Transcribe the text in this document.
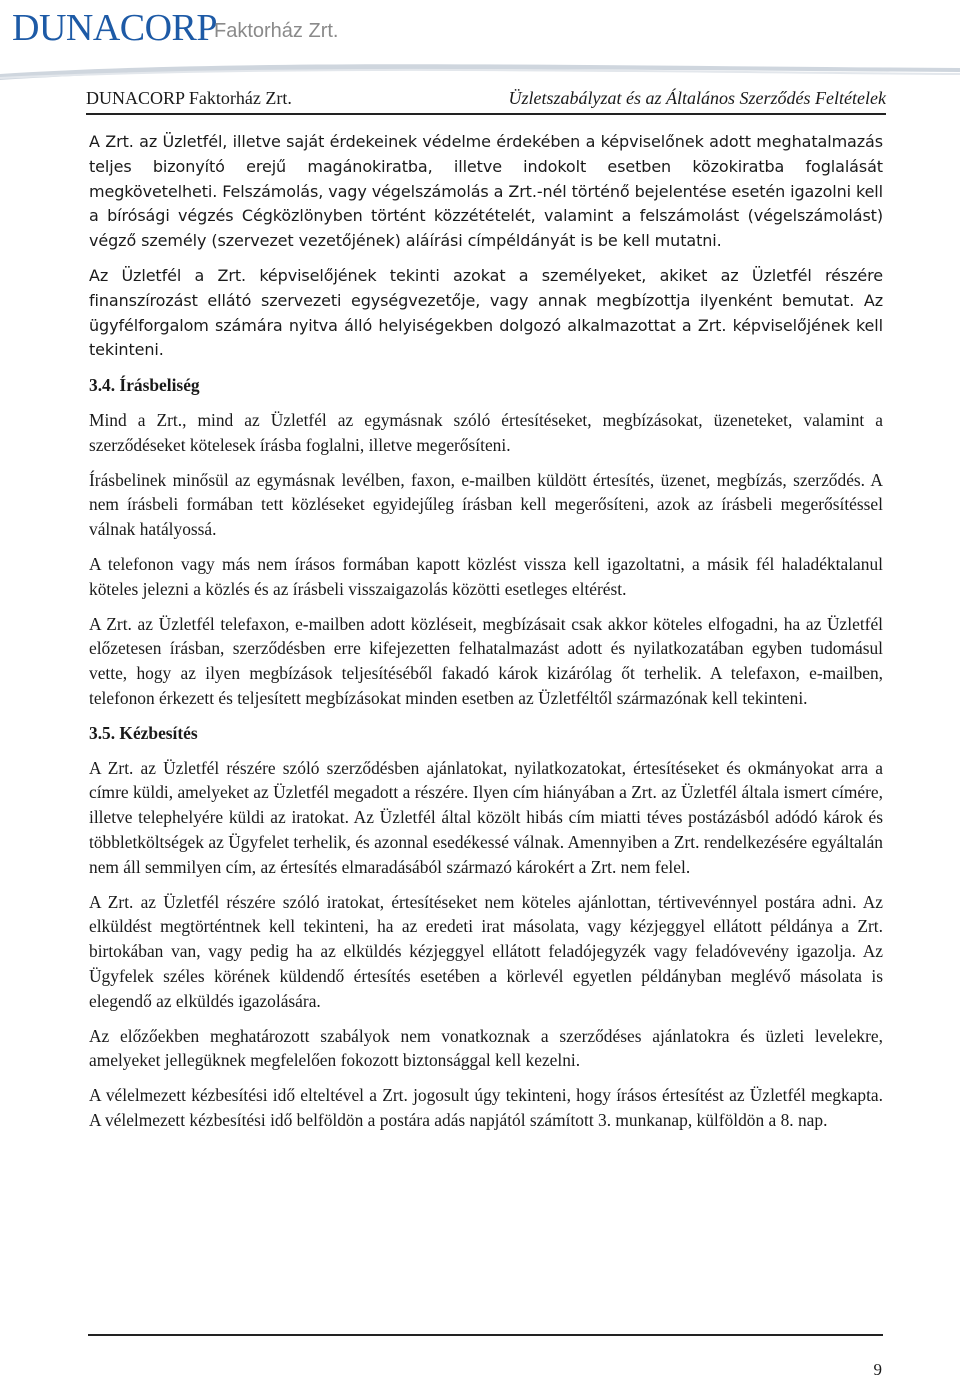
DUNACORP
Faktorház Zrt.
DUNACORP Faktorház Zrt.	Üzletszabályzat és az Általános Szerződés Feltételek

A Zrt. az Üzletfél, illetve saját érdekeinek védelme érdekében a képviselőnek adott meghatalmazás teljes bizonyító erejű magánokiratba, illetve indokolt esetben közokiratba foglalását megkövetelheti. Felszámolás, vagy végelszámolás a Zrt.-nél történő bejelentése esetén igazolni kell a bírósági végzés Cégközlönyben történt közzétételét, valamint a felszámolást (végelszámolást) végző személy (szervezet vezetőjének) aláírási címpéldányát is be kell mutatni.

Az Üzletfél a Zrt. képviselőjének tekinti azokat a személyeket, akiket az Üzletfél részére finanszírozást ellátó szervezeti egységvezetője, vagy annak megbízottja ilyenként bemutat. Az ügyfélforgalom számára nyitva álló helyiségekben dolgozó alkalmazottat a Zrt. képviselőjének kell tekinteni.

3.4. Írásbeliség

Mind a Zrt., mind az Üzletfél az egymásnak szóló értesítéseket, megbízásokat, üzeneteket, valamint a szerződéseket kötelesek írásba foglalni, illetve megerősíteni.

Írásbelinek minősül az egymásnak levélben, faxon, e-mailben küldött értesítés, üzenet, megbízás, szerződés. A nem írásbeli formában tett közléseket egyidejűleg írásban kell megerősíteni, azok az írásbeli megerősítéssel válnak hatályossá.

A telefonon vagy más nem írásos formában kapott közlést vissza kell igazoltatni, a másik fél haladéktalanul köteles jelezni a közlés és az írásbeli visszaigazolás közötti esetleges eltérést.

A Zrt. az Üzletfél telefaxon, e-mailben adott közléseit, megbízásait csak akkor köteles elfogadni, ha az Üzletfél előzetesen írásban, szerződésben erre kifejezetten felhatalmazást adott és nyilatkozatában egyben tudomásul vette, hogy az ilyen megbízások teljesítéséből fakadó károk kizárólag őt terhelik. A telefaxon, e-mailben, telefonon érkezett és teljesített megbízásokat minden esetben az Üzletféltől származónak kell tekinteni.

3.5. Kézbesítés

A Zrt. az Üzletfél részére szóló szerződésben ajánlatokat, nyilatkozatokat, értesítéseket és okmányokat arra a címre küldi, amelyeket az Üzletfél megadott a részére. Ilyen cím hiányában a Zrt. az Üzletfél általa ismert címére, illetve telephelyére küldi az iratokat. Az Üzletfél által közölt hibás cím miatti téves postázásból adódó károk és többletköltségek az Ügyfelet terhelik, és azonnal esedékessé válnak. Amennyiben a Zrt. rendelkezésére egyáltalán nem áll semmilyen cím, az értesítés elmaradásából származó károkért a Zrt. nem felel.

A Zrt. az Üzletfél részére szóló iratokat, értesítéseket nem köteles ajánlottan, tértivevénnyel postára adni. Az elküldést megtörténtnek kell tekinteni, ha az eredeti irat másolata, vagy kézjeggyel ellátott példánya a Zrt. birtokában van, vagy pedig ha az elküldés kézjeggyel ellátott feladójegyzék vagy feladóvevény igazolja. Az Ügyfelek széles körének küldendő értesítés esetében a körlevél egyetlen példányban meglévő másolata is elegendő az elküldés igazolására.

Az előzőekben meghatározott szabályok nem vonatkoznak a szerződéses ajánlatokra és üzleti levelekre, amelyeket jellegüknek megfelelően fokozott biztonsággal kell kezelni.

A vélelmezett kézbesítési idő elteltével a Zrt. jogosult úgy tekinteni, hogy írásos értesítést az Üzletfél megkapta. A vélelmezett kézbesítési idő belföldön a postára adás napjától számított 3. munkanap, külföldön a 8. nap.

9
